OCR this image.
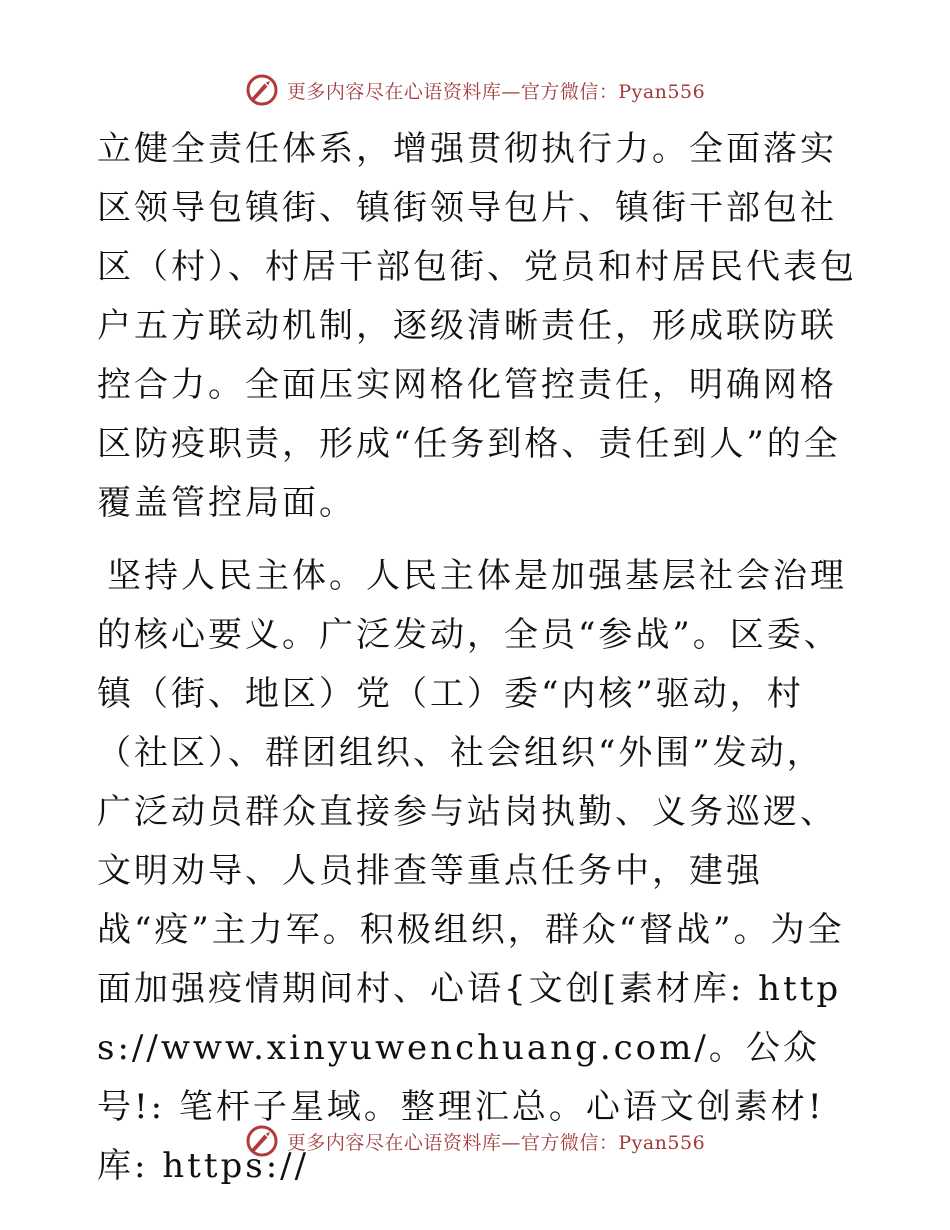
更多内容尽在心语资料库—官方微信：Pyan556

立健全责任体系，增强贯彻执行力。全面落实区领导包镇街、镇街领导包片、镇街干部包社区（村）、村居干部包街、党员和村居民代表包户五方联动机制，逐级清晰责任，形成联防联控合力。全面压实网格化管控责任，明确网格区防疫职责，形成“任务到格、责任到人”的全覆盖管控局面。

坚持人民主体。人民主体是加强基层社会治理的核心要义。广泛发动，全员“参战”。区委、镇（街、地区）党（工）委“内核”驱动，村（社区）、群团组织、社会组织“外围”发动，广泛动员群众直接参与站岗执勤、义务巡逻、文明劝导、人员排查等重点任务中，建强战“疫”主力军。积极组织，群众“督战”。为全面加强疫情期间村、心语{文创[素材库: https://www.xinyuwenchuang.com/。公众号!: 笔杆子星域。整理汇总。心语文创素材!库: https://

更多内容尽在心语资料库—官方微信：Pyan556
